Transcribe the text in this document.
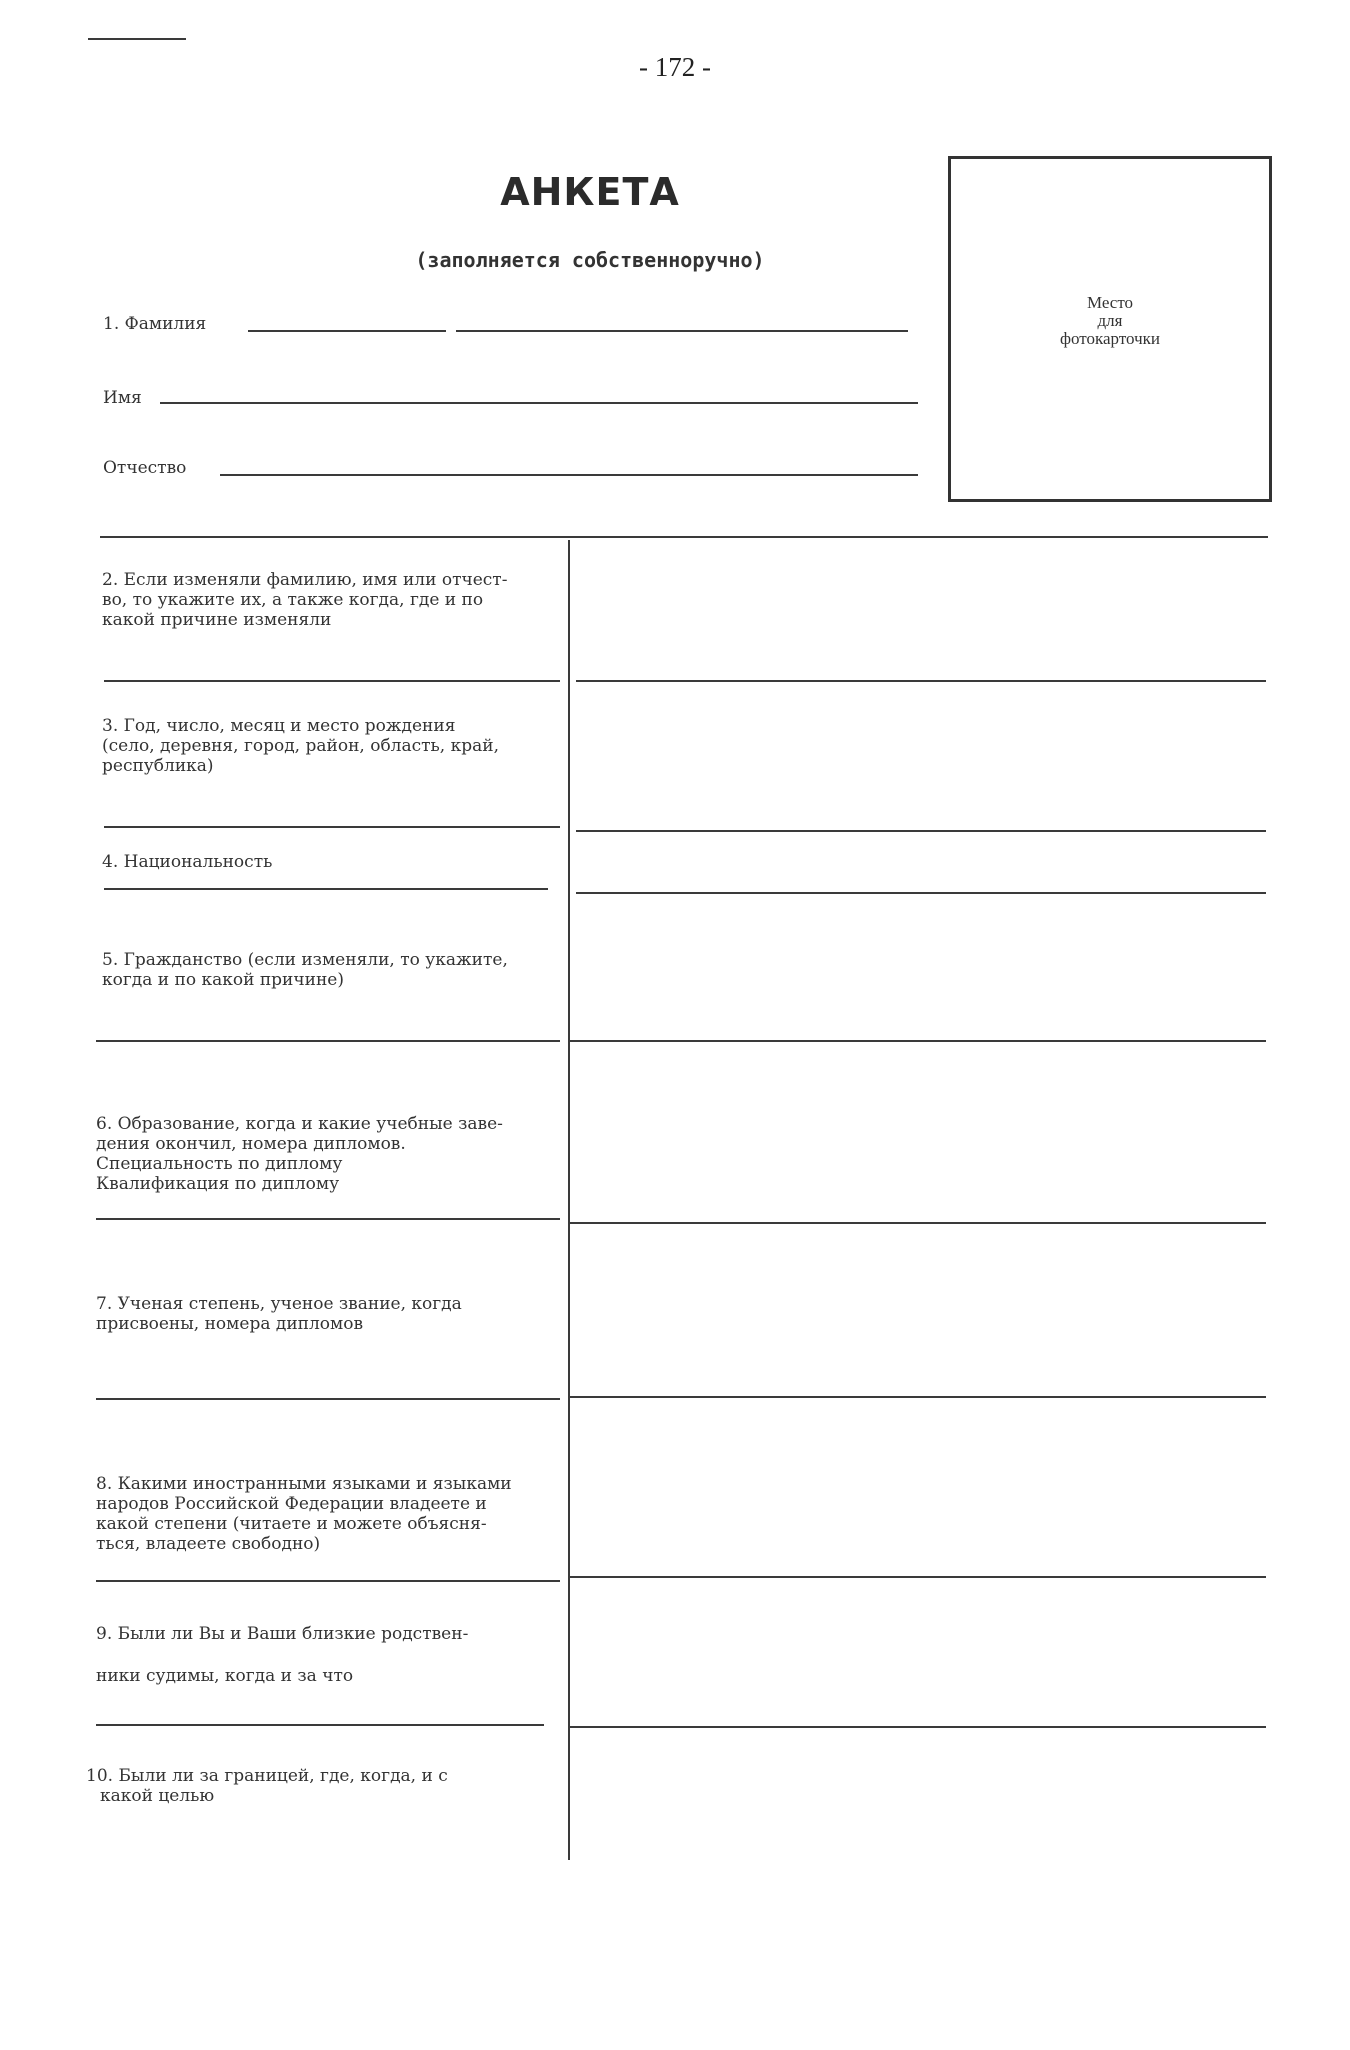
- 172 -
АНКЕТА
(заполняется собственноручно)
Место
для
фотокарточки
1. Фамилия
Имя
Отчество
2. Если изменяли фамилию, имя или отчест-
во, то укажите их, а также когда, где и по
какой причине изменяли
3. Год, число, месяц и место рождения
(село, деревня, город, район, область, край,
республика)
4. Национальность
5. Гражданство (если изменяли, то укажите,
когда и по какой причине)
6. Образование, когда и какие учебные заве-
дения окончил, номера дипломов.
Специальность по диплому
Квалификация по диплому
7. Ученая степень, ученое звание, когда
присвоены, номера дипломов
8. Какими иностранными языками и языками
народов Российской Федерации владеете и
какой степени (читаете и можете объясня-
ться, владеете свободно)
9. Были ли Вы и Ваши близкие родствен-
ники судимы, когда и за что
10. Были ли за границей, где, когда, и с
какой целью
